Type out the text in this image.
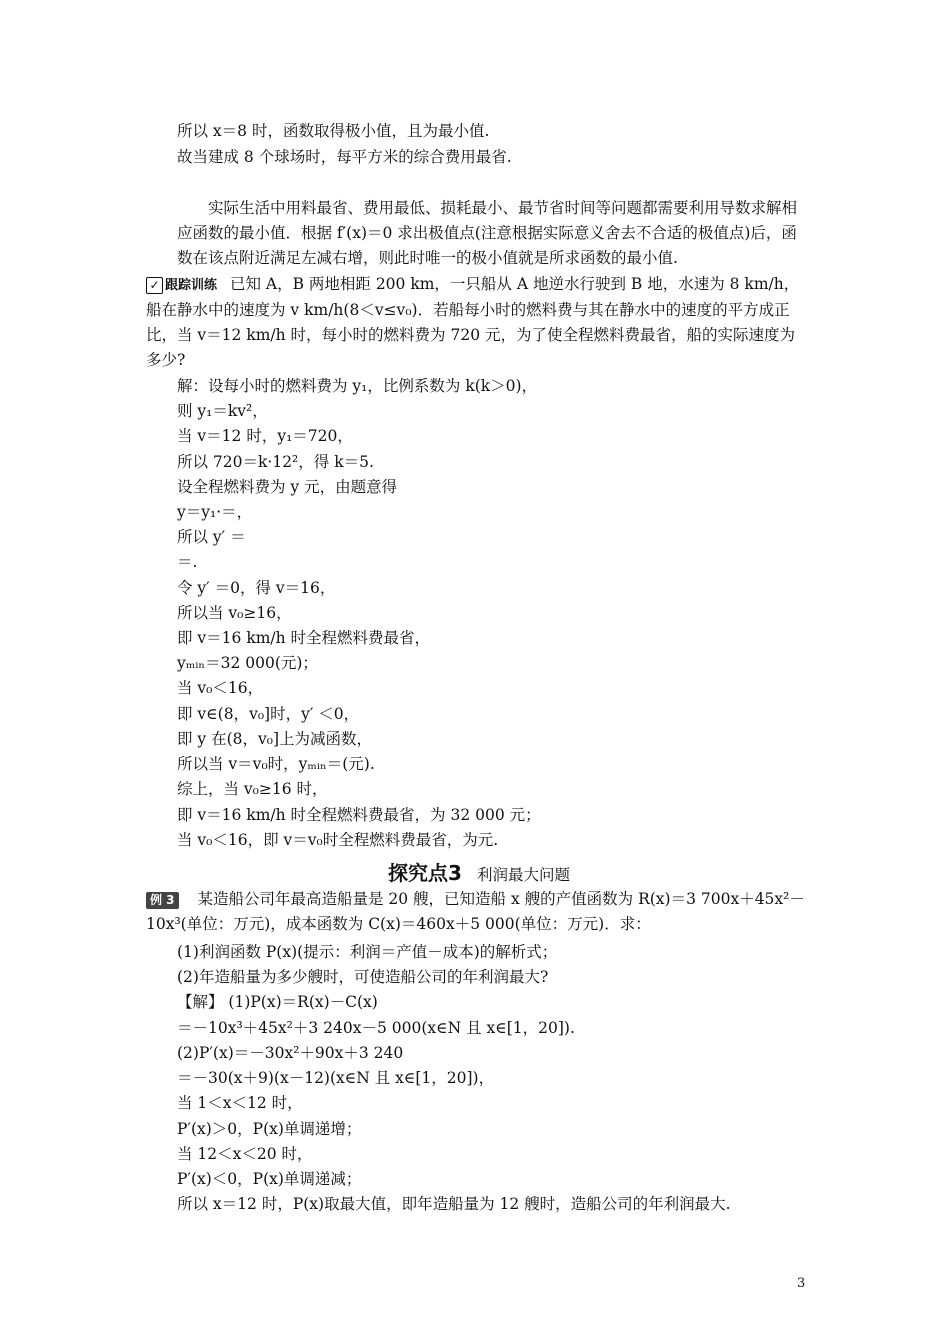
所以 x＝8 时，函数取得极小值，且为最小值.
故当建成 8 个球场时，每平方米的综合费用最省.
实际生活中用料最省、费用最低、损耗最小、最节省时间等问题都需要利用导数求解相应函数的最小值．根据 f′(x)＝0 求出极值点(注意根据实际意义舍去不合适的极值点)后，函数在该点附近满足左减右增，则此时唯一的极小值就是所求函数的最小值.
✓ 跟踪训练 已知 A，B 两地相距 200 km，一只船从 A 地逆水行驶到 B 地，水速为 8 km/h，船在静水中的速度为 v km/h(8＜v≤v₀)．若船每小时的燃料费与其在静水中的速度的平方成正比，当 v＝12 km/h 时，每小时的燃料费为 720 元，为了使全程燃料费最省，船的实际速度为多少?
解：设每小时的燃料费为 y₁，比例系数为 k(k＞0)，
则 y₁＝kv²，
当 v＝12 时，y₁＝720，
所以 720＝k·12²，得 k＝5.
设全程燃料费为 y 元，由题意得
y＝y₁·＝，
所以 y′ ＝
＝.
令 y′ ＝0，得 v＝16，
所以当 v₀≥16，
即 v＝16 km/h 时全程燃料费最省，
yₘᵢₙ＝32 000(元)；
当 v₀＜16，
即 v∈(8，v₀]时，y′ ＜0，
即 y 在(8，v₀]上为减函数，
所以当 v＝v₀时，yₘᵢₙ＝(元).
综上，当 v₀≥16 时，
即 v＝16 km/h 时全程燃料费最省，为 32 000 元；
当 v₀＜16，即 v＝v₀时全程燃料费最省，为元.
探究点3 利润最大问题
例 3 某造船公司年最高造船量是 20 艘，已知造船 x 艘的产值函数为 R(x)＝3 700x＋45x²－10x³(单位：万元)，成本函数为 C(x)＝460x＋5 000(单位：万元)．求：
(1)利润函数 P(x)(提示：利润＝产值－成本)的解析式；
(2)年造船量为多少艘时，可使造船公司的年利润最大?
【解】 (1)P(x)＝R(x)－C(x)
＝－10x³＋45x²＋3 240x－5 000(x∈N 且 x∈[1，20]).
(2)P′(x)＝－30x²＋90x＋3 240
＝－30(x＋9)(x－12)(x∈N 且 x∈[1，20])，
当 1＜x＜12 时，
P′(x)＞0，P(x)单调递增；
当 12＜x＜20 时，
P′(x)＜0，P(x)单调递减；
所以 x＝12 时，P(x)取最大值，即年造船量为 12 艘时，造船公司的年利润最大.
3
